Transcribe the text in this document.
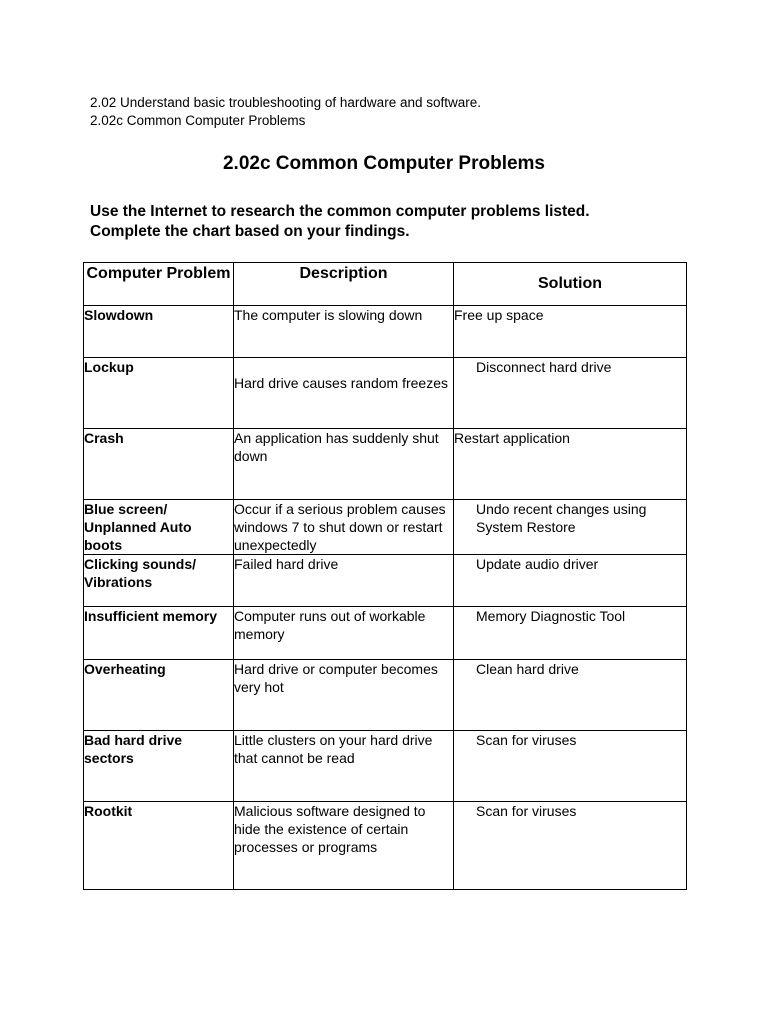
2.02 Understand basic troubleshooting of hardware and software.

2.02c Common Computer Problems

2.02c Common Computer Problems
Use the Internet to research the common computer problems listed.
Complete the chart based on your findings.
Computer Problem	Description	Solution

Slowdown	The computer is slowing down	Free up space

Lockup	Hard drive causes random freezes	Disconnect hard drive

Crash	An application has suddenly shut down	Restart application

Blue screen/ Unplanned Auto boots	Occur if a serious problem causes windows 7 to shut down or restart unexpectedly	Undo recent changes using System Restore

Clicking sounds/ Vibrations	Failed hard drive	Update audio driver

Insufficient memory	Computer runs out of workable memory	Memory Diagnostic Tool

Overheating	Hard drive or computer becomes very hot	Clean hard drive

Bad hard drive sectors	Little clusters on your hard drive that cannot be read	Scan for viruses

Rootkit	Malicious software designed to hide the existence of certain processes or programs	Scan for viruses
